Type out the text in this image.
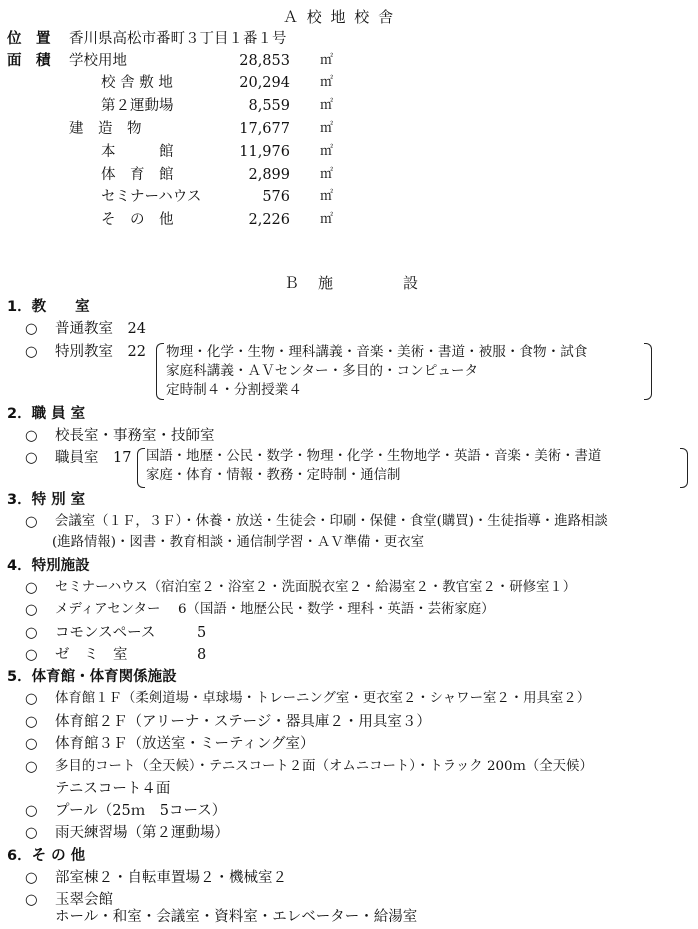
Ａ 校 地 校 舎
位　置 香川県高松市番町３丁目１番１号
面　積 学校用地	28,853 ㎡
校 舎 敷 地	20,294 ㎡
第２運動場	8,559 ㎡
建　造　物	17,677 ㎡
本　　　館	11,976 ㎡
体　育　館	2,899 ㎡
セミナーハウス	576 ㎡
そ　の　他	2,226 ㎡
Ｂ　施　　　　設
1．教　　室
○ 普通教室　24
○ 特別教室　22 物理・化学・生物・理科講義・音楽・美術・書道・被服・食物・試食
家庭科講義・ＡＶセンター・多目的・コンピュータ
定時制４・分割授業４
2．職 員 室
○ 校長室・事務室・技師室
○ 職員室　17 国語・地歴・公民・数学・物理・化学・生物地学・英語・音楽・美術・書道
家庭・体育・情報・教務・定時制・通信制
3．特 別 室
○ 会議室（１Ｆ，３Ｆ）・休養・放送・生徒会・印刷・保健・食堂(購買)・生徒指導・進路相談
(進路情報)・図書・教育相談・通信制学習・ＡＶ準備・更衣室
4．特別施設
○ セミナーハウス（宿泊室２・浴室２・洗面脱衣室２・給湯室２・教官室２・研修室１）
○ メディアセンター　 6（国語・地歴公民・数学・理科・英語・芸術家庭）
○ コモンスペース	5
○ ゼ　ミ　室	8
5．体育館・体育関係施設
○ 体育館１Ｆ（柔剣道場・卓球場・トレーニング室・更衣室２・シャワー室２・用具室２）
○ 体育館２Ｆ（アリーナ・ステージ・器具庫２・用具室３）
○ 体育館３Ｆ（放送室・ミーティング室）
○ 多目的コート（全天候）・テニスコート２面（オムニコート）・トラック 200ｍ（全天候）
テニスコート４面
○ プール（25ｍ　5コース）
○ 雨天練習場（第２運動場）
6．そ の 他
○ 部室棟２・自転車置場２・機械室２
○ 玉翠会館
ホール・和室・会議室・資料室・エレベーター・給湯室
